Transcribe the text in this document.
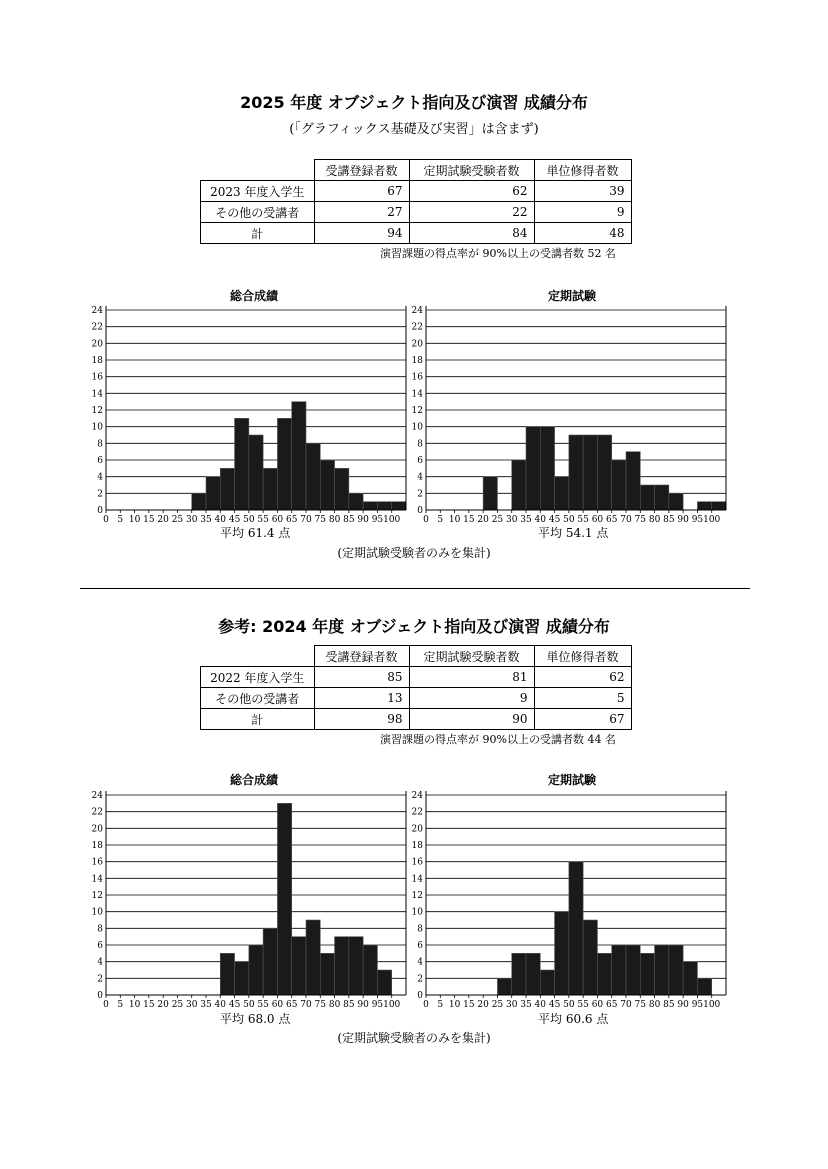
2025 年度 オブジェクト指向及び演習 成績分布
(「グラフィックス基礎及び実習」は含まず)
	受講登録者数	定期試験受験者数	単位修得者数
2023 年度入学生	67	62	39
その他の受講者	27	22	9
計	94	84	48
演習課題の得点率が 90%以上の受講者数 52 名
総合成績	定期試験
0
2
4
6
8
10
12
14
16
18
20
22
24
0 5 10 15 20 25 30 35 40 45 50 55 60 65 70 75 80 85 90 95 100
0
2
4
6
8
10
12
14
16
18
20
22
24
0 5 10 15 20 25 30 35 40 45 50 55 60 65 70 75 80 85 90 95 100
平均 61.4 点	平均 54.1 点
(定期試験受験者のみを集計)
参考: 2024 年度 オブジェクト指向及び演習 成績分布
	受講登録者数	定期試験受験者数	単位修得者数
2022 年度入学生	85	81	62
その他の受講者	13	9	5
計	98	90	67
演習課題の得点率が 90%以上の受講者数 44 名
総合成績	定期試験
0
2
4
6
8
10
12
14
16
18
20
22
24
0 5 10 15 20 25 30 35 40 45 50 55 60 65 70 75 80 85 90 95 100
0
2
4
6
8
10
12
14
16
18
20
22
24
0 5 10 15 20 25 30 35 40 45 50 55 60 65 70 75 80 85 90 95 100
平均 68.0 点	平均 60.6 点
(定期試験受験者のみを集計)
